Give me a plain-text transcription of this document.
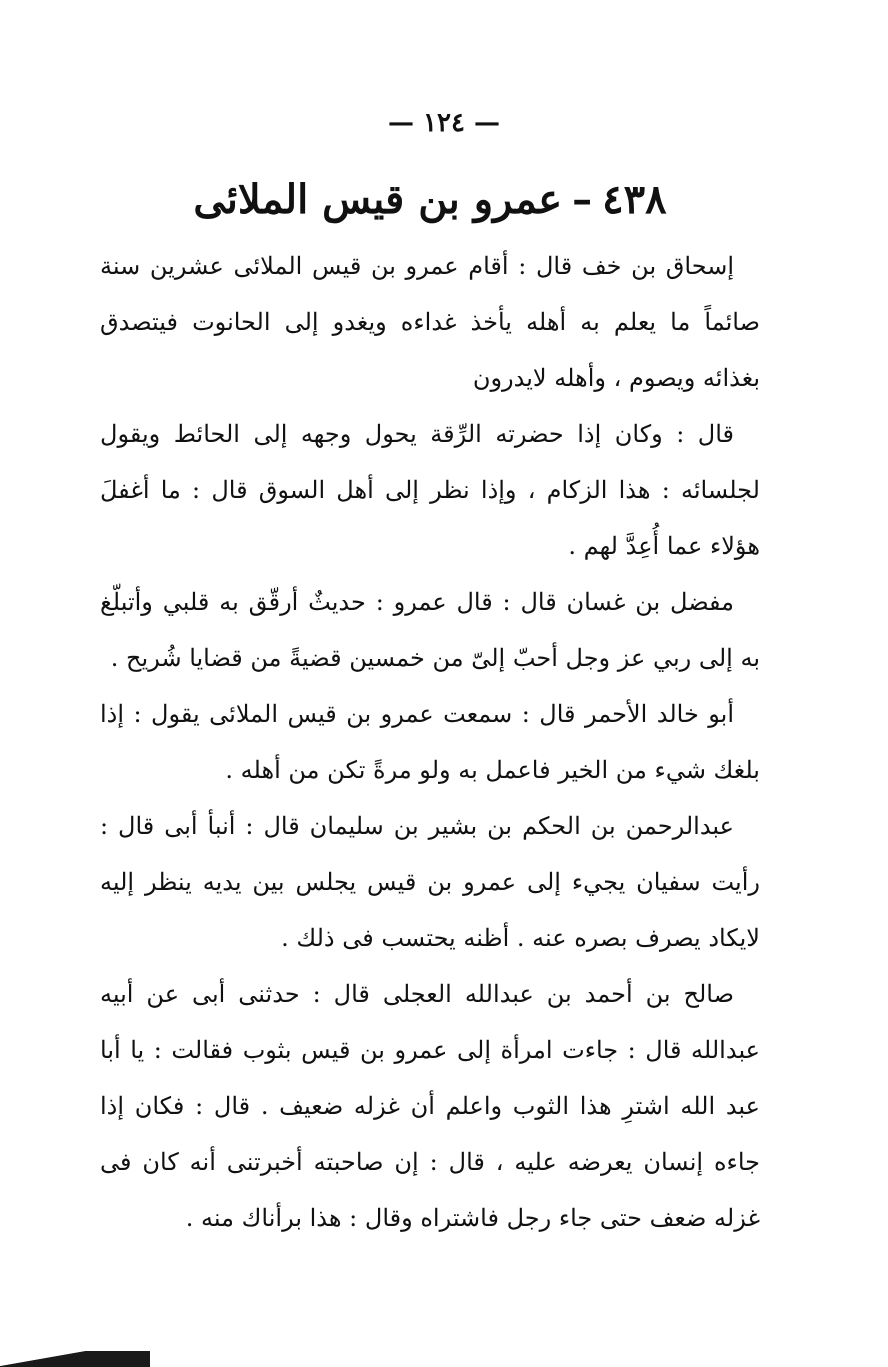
— ١٢٤ —
٤٣٨–عمرو بن قيس الملائى

إسحاق بن خف قال : أقام عمرو بن قيس الملائى عشرين سنة صائماً ما يعلم به أهله يأخذ غداءه ويغدو إلى الحانوت فيتصدق بغذائه ويصوم ، وأهله لايدرون

قال : وكان إذا حضرته الرِّقة يحول وجهه إلى الحائط ويقول لجلسائه : هذا الزكام ، وإذا نظر إلى أهل السوق قال : ما أغفلَ هؤلاء عما أُعِدَّ لهم .

مفضل بن غسان قال : قال عمرو : حديثٌ أرقّق به قلبي وأتبلّغ به إلى ربي عز وجل أحبّ إلىّ من خمسين قضيةً من قضايا شُريح .

أبو خالد الأحمر قال : سمعت عمرو بن قيس الملائى يقول : إذا بلغك شيء من الخير فاعمل به ولو مرةً تكن من أهله .

عبدالرحمن بن الحكم بن بشير بن سليمان قال : أنبأ أبى قال : رأيت سفيان يجيء إلى عمرو بن قيس يجلس بين يديه ينظر إليه لايكاد يصرف بصره عنه . أظنه يحتسب فى ذلك .

صالح بن أحمد بن عبدالله العجلى قال : حدثنى أبى عن أبيه عبدالله قال : جاءت امرأة إلى عمرو بن قيس بثوب فقالت : يا أبا عبد الله اشترِ هذا الثوب واعلم أن غزله ضعيف . قال : فكان إذا جاءه إنسان يعرضه عليه ، قال : إن صاحبته أخبرتنى أنه كان فى غزله ضعف حتى جاء رجل فاشتراه وقال : هذا برأناك منه .
